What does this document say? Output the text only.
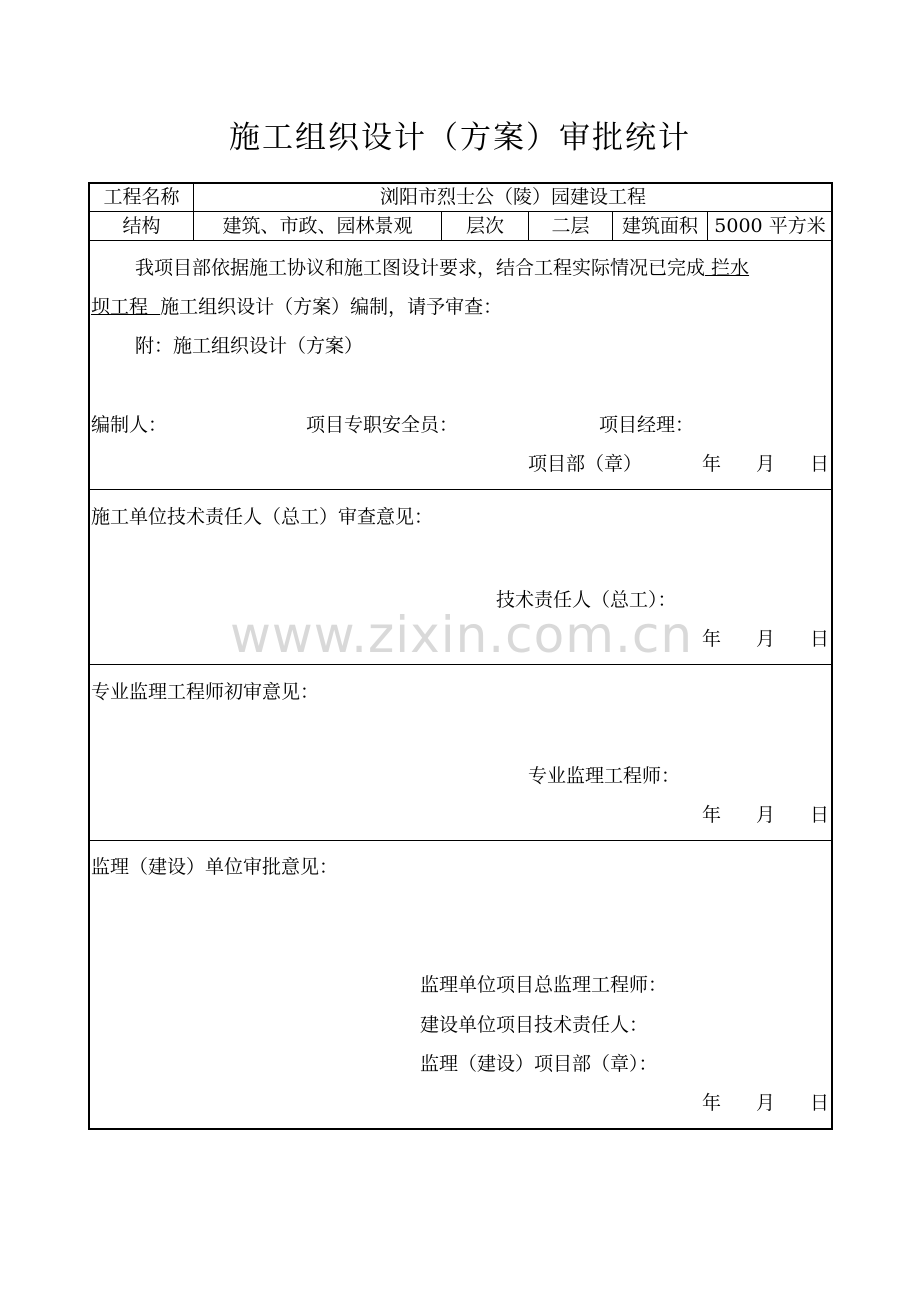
施工组织设计（方案）审批统计
工程名称	浏阳市烈士公（陵）园建设工程
结构	建筑、市政、园林景观	层次	二层	建筑面积 5000 平方米
我项目部依据施工协议和施工图设计要求，结合工程实际情况已完成 拦水
坝工程  施工组织设计（方案）编制，请予审查：
附：施工组织设计（方案）
编制人：	项目专职安全员：	项目经理：
项目部（章）	年 月 日
www.zixin.com.cn
施工单位技术责任人（总工）审查意见：
技术责任人（总工）：
年 月 日
专业监理工程师初审意见：
专业监理工程师：
年 月 日
监理（建设）单位审批意见：
监理单位项目总监理工程师：
建设单位项目技术责任人：
监理（建设）项目部（章）：
年 月 日
